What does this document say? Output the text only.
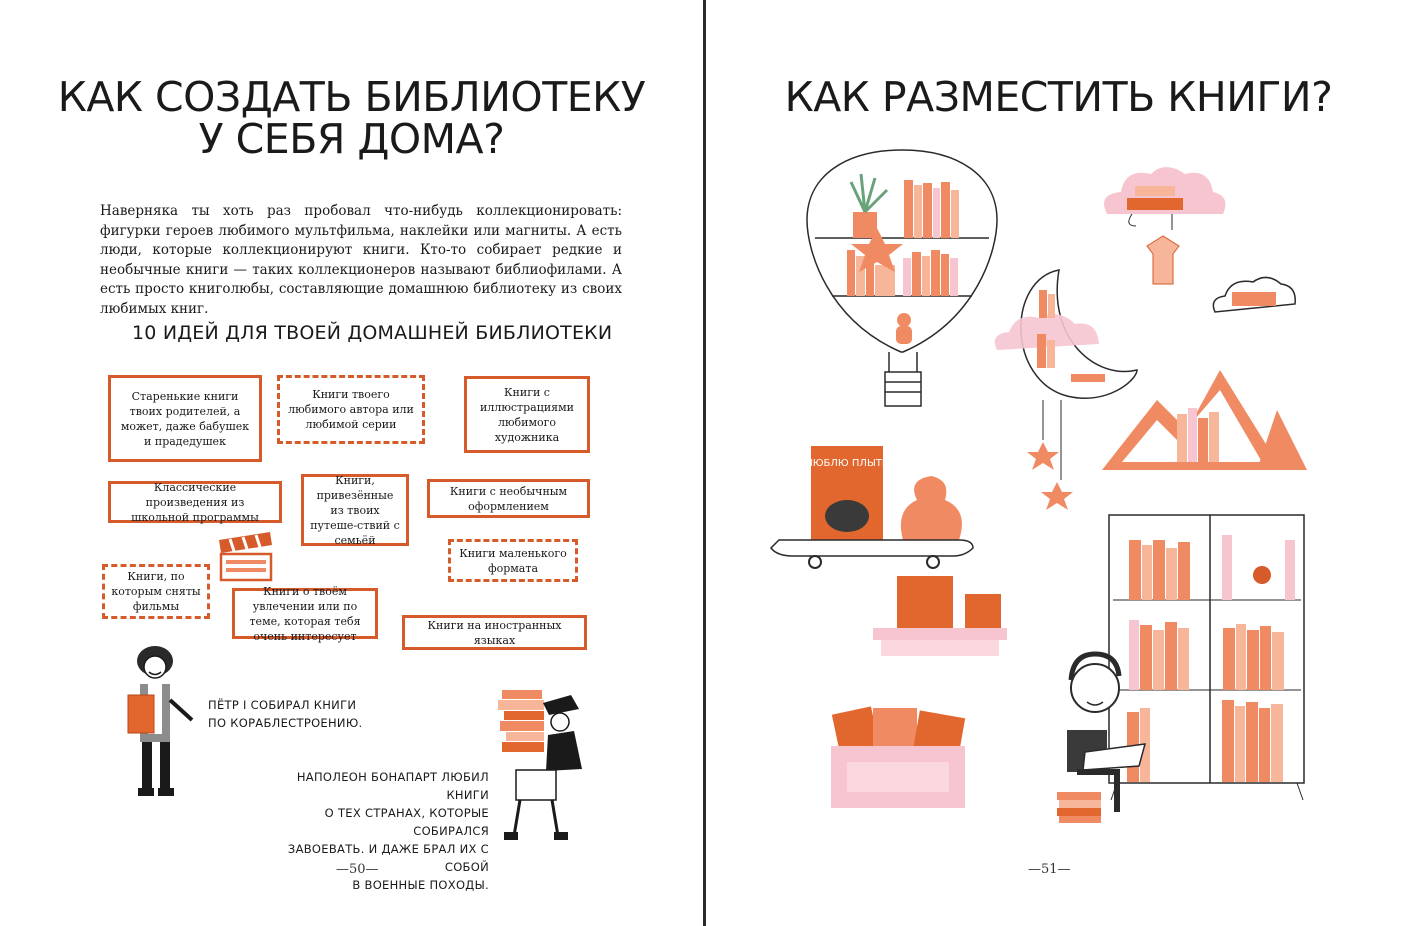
КАК СОЗДАТЬ БИБЛИОТЕКУ
У СЕБЯ ДОМА?

Наверняка ты хоть раз пробовал что-нибудь коллекционировать: фигурки героев любимого мультфильма, наклейки или магниты. А есть люди, которые коллекционируют книги. Кто-то собирает редкие и необычные книги — таких коллекционеров называют библиофилами. А есть просто книголюбы, составляющие домашнюю библиотеку из своих любимых книг.

10 ИДЕЙ ДЛЯ ТВОЕЙ ДОМАШНЕЙ БИБЛИОТЕКИ
Старенькие книги твоих родителей, а может, даже бабушек и прадедушек
Книги твоего любимого автора или любимой серии
Книги с иллюстрациями любимого художника
Классические произведения из школьной программы
Книги, привезённые из твоих путеше-ствий с семьёй
Книги с необычным оформлением
Книги маленького формата
Книги, по которым сняты фильмы
Книги о твоём увлечении или по теме, которая тебя очень интересует
Книги на иностранных языках
ПЁТР I СОБИРАЛ КНИГИ
ПО КОРАБЛЕСТРОЕНИЮ.
НАПОЛЕОН БОНАПАРТ ЛЮБИЛ КНИГИ
О ТЕХ СТРАНАХ, КОТОРЫЕ СОБИРАЛСЯ
ЗАВОЕВАТЬ. И ДАЖЕ БРАЛ ИХ С СОБОЙ
В ВОЕННЫЕ ПОХОДЫ.
—50—
КАК РАЗМЕСТИТЬ КНИГИ?
ЛЮБЛЮ ПЛЫТЬ
—51—
